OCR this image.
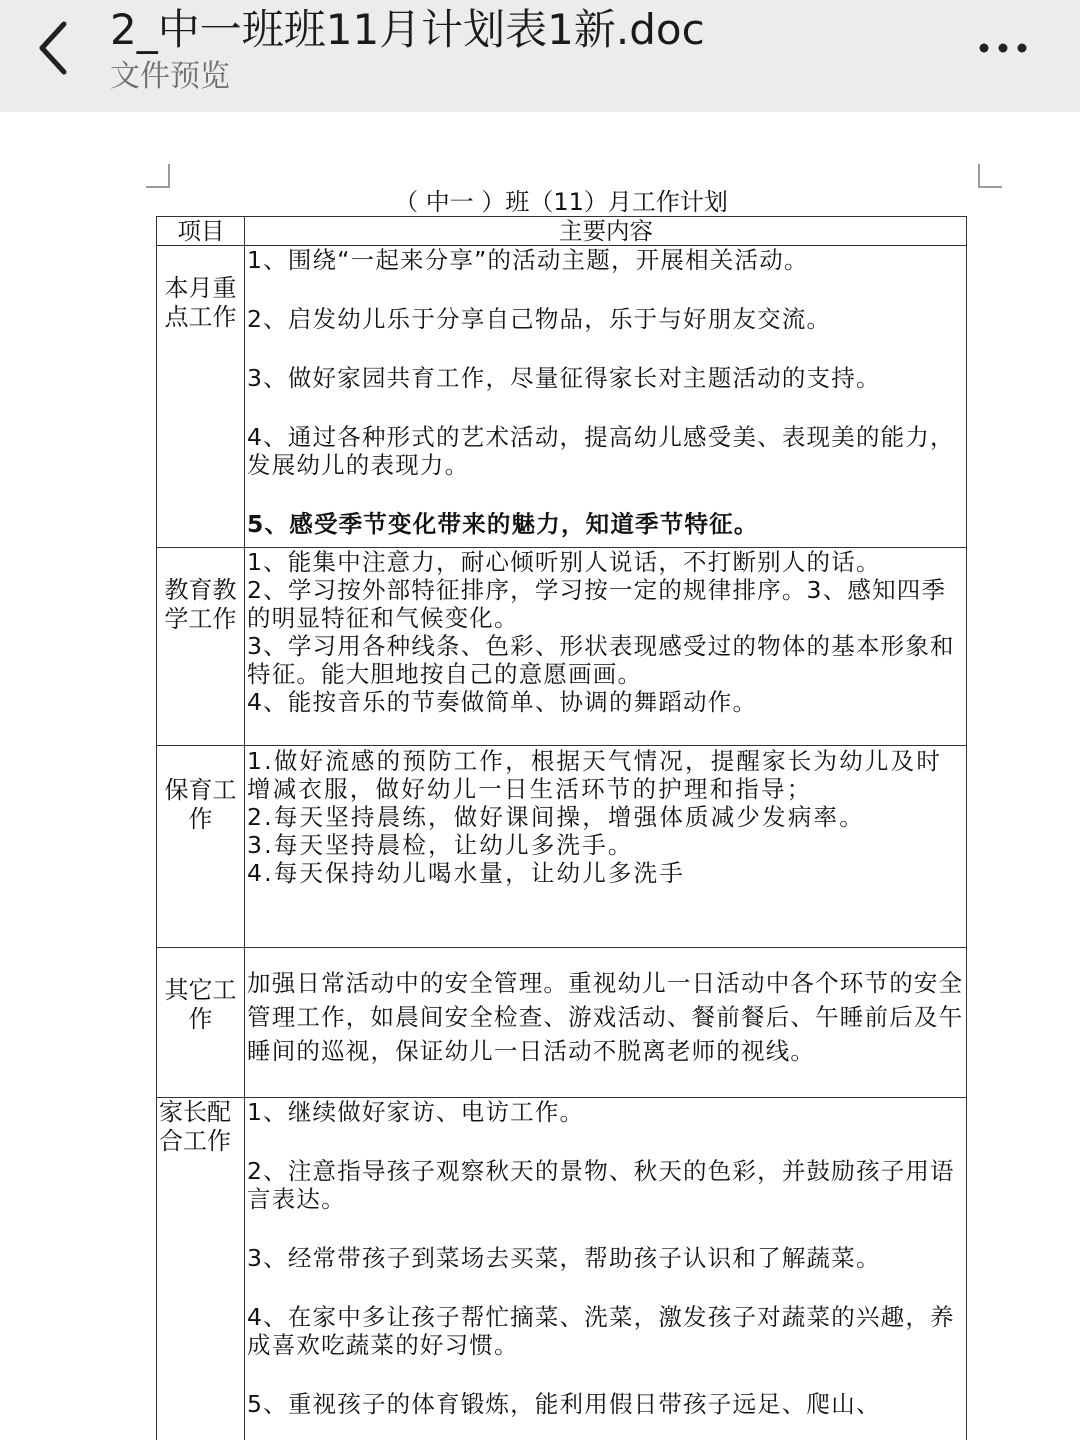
2_中一班班11月计划表1新.doc
文件预览
（ 中一 ）班（11）月工作计划
项目	主要内容

本月重点工作	1、围绕“一起来分享”的活动主题，开展相关活动。
2、启发幼儿乐于分享自己物品，乐于与好朋友交流。
3、做好家园共育工作，尽量征得家长对主题活动的支持。
4、通过各种形式的艺术活动，提高幼儿感受美、表现美的能力，发展幼儿的表现力。
5、感受季节变化带来的魅力，知道季节特征。

教育教学工作	1、能集中注意力，耐心倾听别人说话，不打断别人的话。
2、学习按外部特征排序，学习按一定的规律排序。3、感知四季的明显特征和气候变化。
3、学习用各种线条、色彩、形状表现感受过的物体的基本形象和特征。能大胆地按自己的意愿画画。
4、能按音乐的节奏做简单、协调的舞蹈动作。

保育工作	1.做好流感的预防工作，根据天气情况，提醒家长为幼儿及时增减衣服，做好幼儿一日生活环节的护理和指导；
2.每天坚持晨练，做好课间操，增强体质减少发病率。
3.每天坚持晨检，让幼儿多洗手。
4.每天保持幼儿喝水量，让幼儿多洗手

其它工作	加强日常活动中的安全管理。重视幼儿一日活动中各个环节的安全管理工作，如晨间安全检查、游戏活动、餐前餐后、午睡前后及午睡间的巡视，保证幼儿一日活动不脱离老师的视线。

家长配合工作	1、继续做好家访、电访工作。
2、注意指导孩子观察秋天的景物、秋天的色彩，并鼓励孩子用语言表达。
3、经常带孩子到菜场去买菜，帮助孩子认识和了解蔬菜。
4、在家中多让孩子帮忙摘菜、洗菜，激发孩子对蔬菜的兴趣，养成喜欢吃蔬菜的好习惯。
5、重视孩子的体育锻炼，能利用假日带孩子远足、爬山、
